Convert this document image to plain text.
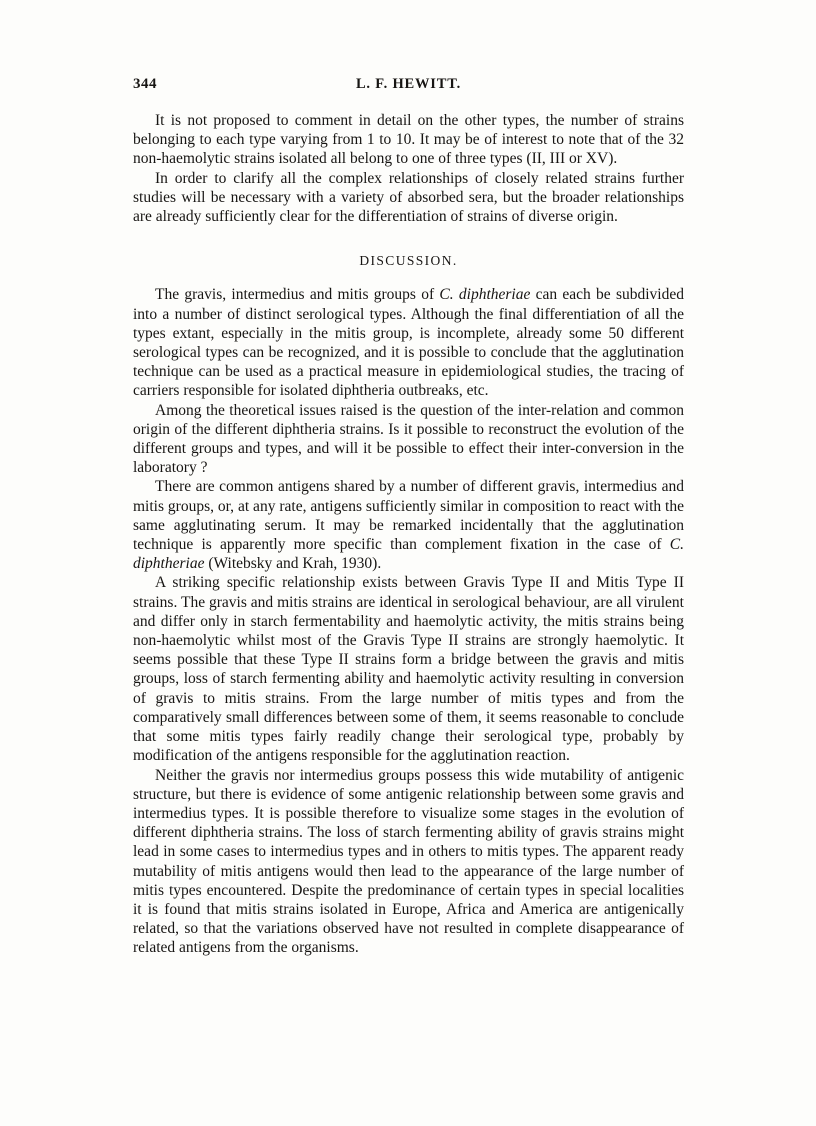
344	L. F. HEWITT.

It is not proposed to comment in detail on the other types, the number of strains belonging to each type varying from 1 to 10. It may be of interest to note that of the 32 non-haemolytic strains isolated all belong to one of three types (II, III or XV).

In order to clarify all the complex relationships of closely related strains further studies will be necessary with a variety of absorbed sera, but the broader relationships are already sufficiently clear for the differentiation of strains of diverse origin.

DISCUSSION.

The gravis, intermedius and mitis groups of C. diphtheriae can each be subdivided into a number of distinct serological types. Although the final differentiation of all the types extant, especially in the mitis group, is incomplete, already some 50 different serological types can be recognized, and it is possible to conclude that the agglutination technique can be used as a practical measure in epidemiological studies, the tracing of carriers responsible for isolated diphtheria outbreaks, etc.

Among the theoretical issues raised is the question of the inter-relation and common origin of the different diphtheria strains. Is it possible to reconstruct the evolution of the different groups and types, and will it be possible to effect their inter-conversion in the laboratory ?

There are common antigens shared by a number of different gravis, intermedius and mitis groups, or, at any rate, antigens sufficiently similar in composition to react with the same agglutinating serum. It may be remarked incidentally that the agglutination technique is apparently more specific than complement fixation in the case of C. diphtheriae (Witebsky and Krah, 1930).

A striking specific relationship exists between Gravis Type II and Mitis Type II strains. The gravis and mitis strains are identical in serological behaviour, are all virulent and differ only in starch fermentability and haemolytic activity, the mitis strains being non-haemolytic whilst most of the Gravis Type II strains are strongly haemolytic. It seems possible that these Type II strains form a bridge between the gravis and mitis groups, loss of starch fermenting ability and haemolytic activity resulting in conversion of gravis to mitis strains. From the large number of mitis types and from the comparatively small differences between some of them, it seems reasonable to conclude that some mitis types fairly readily change their serological type, probably by modification of the antigens responsible for the agglutination reaction.

Neither the gravis nor intermedius groups possess this wide mutability of antigenic structure, but there is evidence of some antigenic relationship between some gravis and intermedius types. It is possible therefore to visualize some stages in the evolution of different diphtheria strains. The loss of starch fermenting ability of gravis strains might lead in some cases to intermedius types and in others to mitis types. The apparent ready mutability of mitis antigens would then lead to the appearance of the large number of mitis types encountered. Despite the predominance of certain types in special localities it is found that mitis strains isolated in Europe, Africa and America are antigenically related, so that the variations observed have not resulted in complete disappearance of related antigens from the organisms.
